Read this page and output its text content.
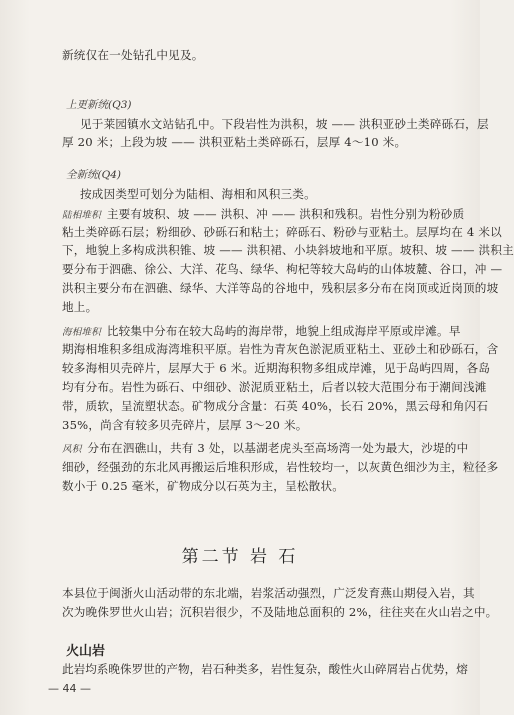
新统仅在一处钻孔中见及。
上更新统(Q3)
见于莱园镇水文站钻孔中。下段岩性为洪积，坡 —— 洪积亚砂土类碎砾石，层
厚 20 米；上段为坡 —— 洪积亚粘土类碎砾石，层厚 4～10 米。
全新统(Q4)
按成因类型可划分为陆相、海相和风积三类。
陆相堆积 主要有坡积、坡 —— 洪积、冲 —— 洪积和残积。岩性分别为粉砂质
粘土类碎砾石层；粉细砂、砂砾石和粘土；碎砾石、粉砂与亚粘土。层厚均在 4 米以
下，地貌上多构成洪积锥、坡 —— 洪积裙、小块斜坡地和平原。坡积、坡 —— 洪积主
要分布于泗礁、徐公、大洋、花鸟、绿华、枸杞等较大岛屿的山体坡麓、谷口，冲 —
洪积主要分布在泗礁、绿华、大洋等岛的谷地中，残积层多分布在岗顶或近岗顶的坡
地上。
海相堆积 比较集中分布在较大岛屿的海岸带，地貌上组成海岸平原或岸滩。早
期海相堆积多组成海湾堆积平原。岩性为青灰色淤泥质亚粘土、亚砂土和砂砾石，含
较多海相贝壳碎片，层厚大于 6 米。近期海积物多组成岸滩，见于岛屿四周，各岛
均有分布。岩性为砾石、中细砂、淤泥质亚粘土，后者以较大范围分布于潮间浅滩
带，质软，呈流塑状态。矿物成分含量：石英 40%，长石 20%，黑云母和角闪石
35%，尚含有较多贝壳碎片，层厚 3～20 米。
风积 分布在泗礁山，共有 3 处，以基湖老虎头至高场湾一处为最大，沙堤的中
细砂，经强劲的东北风再搬运后堆积形成，岩性较均一，以灰黄色细沙为主，粒径多
数小于 0.25 毫米，矿物成分以石英为主，呈松散状。
第二节 岩 石
本县位于闽浙火山活动带的东北端，岩浆活动强烈，广泛发育燕山期侵入岩，其
次为晚侏罗世火山岩；沉积岩很少，不及陆地总面积的 2%，往往夹在火山岩之中。
火山岩
此岩均系晚侏罗世的产物，岩石种类多，岩性复杂，酸性火山碎屑岩占优势，熔
— 44 —
